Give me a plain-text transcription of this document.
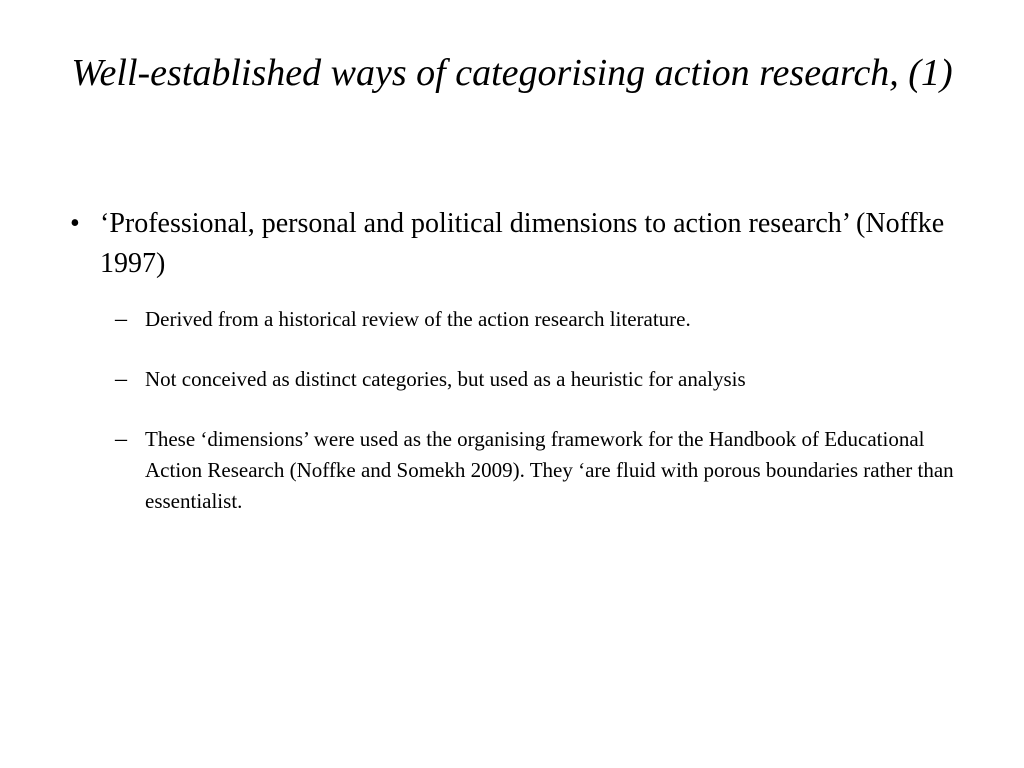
Well-established ways of categorising action research, (1)
• ‘Professional, personal and political dimensions to action research’ (Noffke 1997)
– Derived from a historical review of the action research literature.
– Not conceived as distinct categories, but used as a heuristic for analysis
– These ‘dimensions’ were used as the organising framework for the Handbook of Educational Action Research (Noffke and Somekh 2009). They ‘are fluid with porous boundaries rather than essentialist.
